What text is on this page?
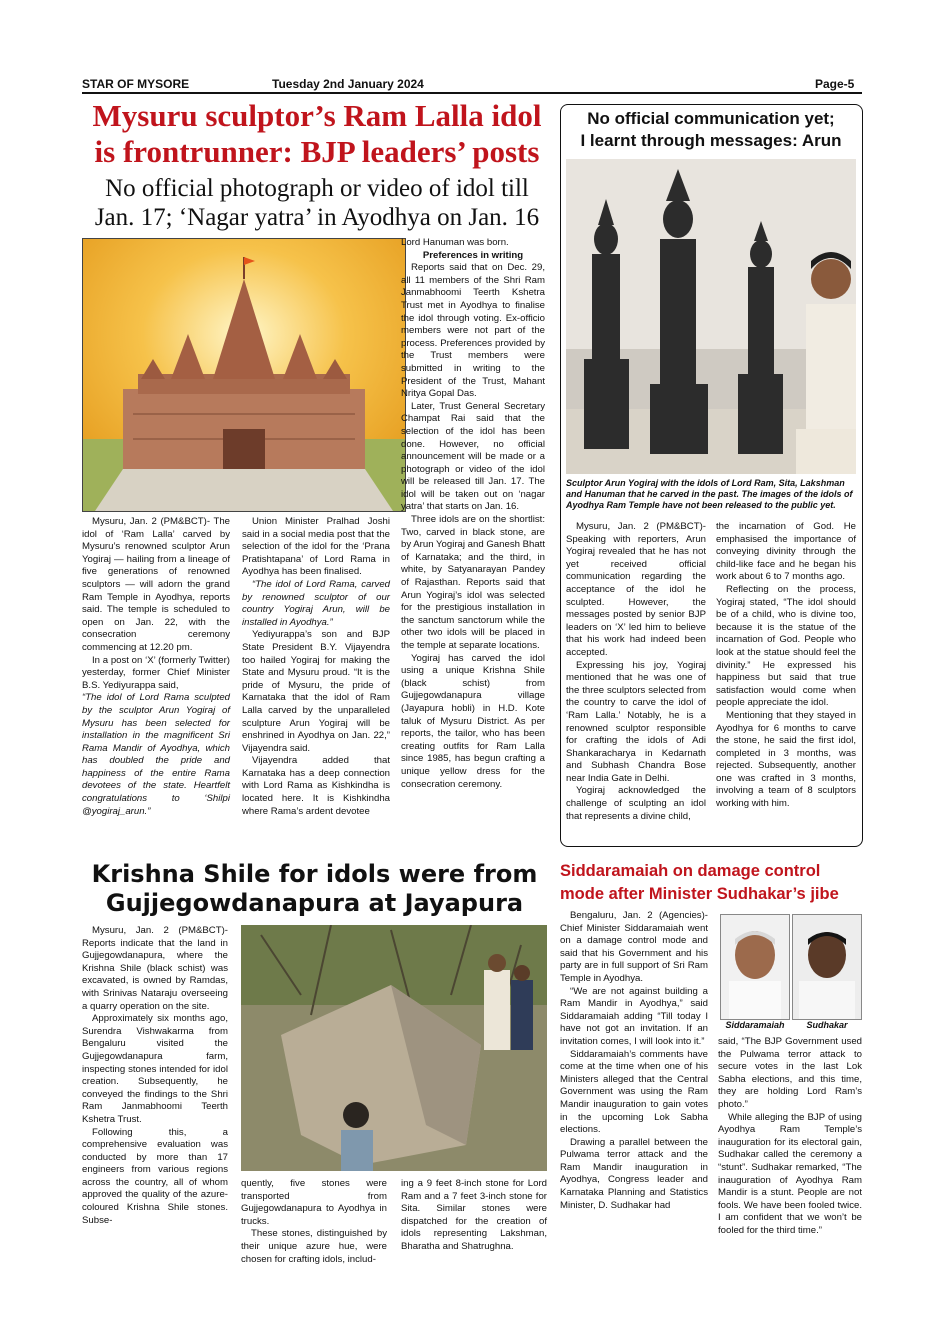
STAR OF MYSORE	Tuesday 2nd January 2024	Page-5
Mysuru sculptor’s Ram Lalla idol
is frontrunner: BJP leaders’ posts
No official photograph or video of idol till
Jan. 17; ‘Nagar yatra’ in Ayodhya on Jan. 16

Mysuru, Jan. 2 (PM&BCT)- The idol of ‘Ram Lalla’ carved by Mysuru’s renowned sculptor Arun Yogiraj — hailing from a lineage of five generations of renowned sculptors — will adorn the grand Ram Temple in Ayodhya, reports said. The temple is scheduled to open on Jan. 22, with the consecration ceremony commencing at 12.20 pm.

In a post on ‘X’ (formerly Twitter) yesterday, former Chief Minister B.S. Yediyurappa said,

“The idol of Lord Rama sculpted by the sculptor Arun Yogiraj of Mysuru has been selected for installation in the magnificent Sri Rama Mandir of Ayodhya, which has doubled the pride and happiness of the entire Rama devotees of the state. Heartfelt congratulations to ‘Shilpi @yogiraj_arun.”

Union Minister Pralhad Joshi said in a social media post that the selection of the idol for the ‘Prana Pratishtapana’ of Lord Rama in Ayodhya has been finalised.

“The idol of Lord Rama, carved by renowned sculptor of our country Yogiraj Arun, will be installed in Ayodhya.”

Yediyurappa’s son and BJP State President B.Y. Vijayendra too hailed Yogiraj for making the State and Mysuru proud. “It is the pride of Mysuru, the pride of Karnataka that the idol of Ram Lalla carved by the unparalleled sculpture Arun Yogiraj will be enshrined in Ayodhya on Jan. 22,” Vijayendra said.

Vijayendra added that Karnataka has a deep connection with Lord Rama as Kishkindha is located here. It is Kishkindha where Rama’s ardent devotee

Lord Hanuman was born.

Preferences in writing

Reports said that on Dec. 29, all 11 members of the Shri Ram Janmabhoomi Teerth Kshetra Trust met in Ayodhya to finalise the idol through voting. Ex-officio members were not part of the process. Preferences provided by the Trust members were submitted in writing to the President of the Trust, Mahant Nritya Gopal Das.

Later, Trust General Secretary Champat Rai said that the selection of the idol has been done. However, no official announcement will be made or a photograph or video of the idol will be released till Jan. 17. The idol will be taken out on ‘nagar yatra’ that starts on Jan. 16.

Three idols are on the shortlist: Two, carved in black stone, are by Arun Yogiraj and Ganesh Bhatt of Karnataka; and the third, in white, by Satyanarayan Pandey of Rajasthan. Reports said that Arun Yogiraj’s idol was selected for the prestigious installation in the sanctum sanctorum while the other two idols will be placed in the temple at separate locations.

Yogiraj has carved the idol using a unique Krishna Shile (black schist) from Gujjegowdanapura village (Jayapura hobli) in H.D. Kote taluk of Mysuru District. As per reports, the tailor, who has been creating outfits for Ram Lalla since 1985, has begun crafting a unique yellow dress for the consecration ceremony.

No official communication yet;
I learnt through messages: Arun
Sculptor Arun Yogiraj with the idols of Lord Ram, Sita, Lakshman and Hanuman that he carved in the past. The images of the idols of Ayodhya Ram Temple have not been released to the public yet.

Mysuru, Jan. 2 (PM&BCT)- Speaking with reporters, Arun Yogiraj revealed that he has not yet received official communication regarding the acceptance of the idol he sculpted. However, the messages posted by senior BJP leaders on ‘X’ led him to believe that his work had indeed been accepted.

Expressing his joy, Yogiraj mentioned that he was one of the three sculptors selected from the country to carve the idol of ‘Ram Lalla.’ Notably, he is a renowned sculptor responsible for crafting the idols of Adi Shankaracharya in Kedarnath and Subhash Chandra Bose near India Gate in Delhi.

Yogiraj acknowledged the challenge of sculpting an idol that represents a divine child,

the incarnation of God. He emphasised the importance of conveying divinity through the child-like face and he began his work about 6 to 7 months ago.

Reflecting on the process, Yogiraj stated, “The idol should be of a child, who is divine too, because it is the statue of the incarnation of God. People who look at the statue should feel the divinity.” He expressed his happiness but said that true satisfaction would come when people appreciate the idol.

Mentioning that they stayed in Ayodhya for 6 months to carve the stone, he said the first idol, completed in 3 months, was rejected. Subsequently, another one was crafted in 3 months, involving a team of 8 sculptors working with him.

Krishna Shile for idols were from
Gujjegowdanapura at Jayapura

Mysuru, Jan. 2 (PM&BCT)- Reports indicate that the land in Gujjegowdanapura, where the Krishna Shile (black schist) was excavated, is owned by Ramdas, with Srinivas Nataraju overseeing a quarry operation on the site.

Approximately six months ago, Surendra Vishwakarma from Bengaluru visited the Gujjegowdanapura farm, inspecting stones intended for idol creation. Subsequently, he conveyed the findings to the Shri Ram Janmabhoomi Teerth Kshetra Trust.

Following this, a comprehensive evaluation was conducted by more than 17 engineers from various regions across the country, all of whom approved the quality of the azure-coloured Krishna Shile stones. Subse-

quently, five stones were transported from Gujjegowdanapura to Ayodhya in trucks.

These stones, distinguished by their unique azure hue, were chosen for crafting idols, includ-

ing a 9 feet 8-inch stone for Lord Ram and a 7 feet 3-inch stone for Sita. Similar stones were dispatched for the creation of idols representing Lakshman, Bharatha and Shatrughna.

Siddaramaiah on damage control
mode after Minister Sudhakar’s jibe

Bengaluru, Jan. 2 (Agencies)- Chief Minister Siddaramaiah went on a damage control mode and said that his Government and his party are in full support of Sri Ram Temple in Ayodhya.

“We are not against building a Ram Mandir in Ayodhya,” said Siddaramaiah adding “Till today I have not got an invitation. If an invitation comes, I will look into it.”

Siddaramaiah’s comments have come at the time when one of his Ministers alleged that the Central Government was using the Ram Mandir inauguration to gain votes in the upcoming Lok Sabha elections.

Drawing a parallel between the Pulwama terror attack and the Ram Mandir inauguration in Ayodhya, Congress leader and Karnataka Planning and Statistics Minister, D. Sudhakar had

Siddaramaiah	Sudhakar

said, “The BJP Government used the Pulwama terror attack to secure votes in the last Lok Sabha elections, and this time, they are holding Lord Ram’s photo.”

While alleging the BJP of using Ayodhya Ram Temple’s inauguration for its electoral gain, Sudhakar called the ceremony a “stunt”. Sudhakar remarked, “The inauguration of Ayodhya Ram Mandir is a stunt. People are not fools. We have been fooled twice. I am confident that we won’t be fooled for the third time.”
